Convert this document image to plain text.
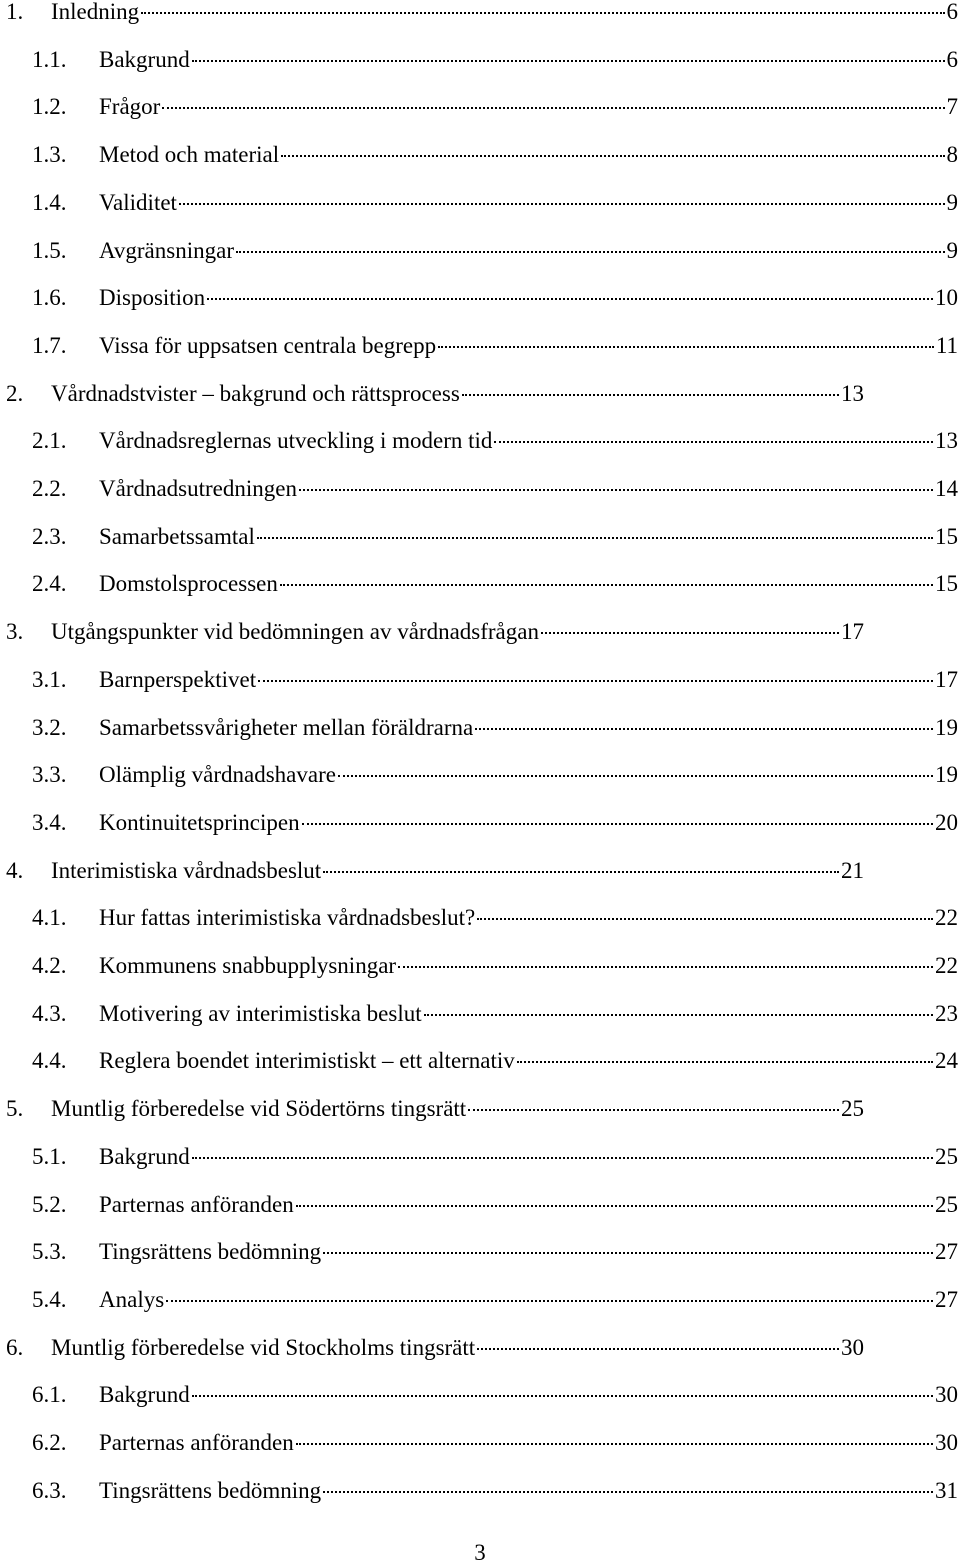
1. Inledning	6
1.1. Bakgrund	6
1.2. Frågor	7
1.3. Metod och material	8
1.4. Validitet	9
1.5. Avgränsningar	9
1.6. Disposition	10
1.7. Vissa för uppsatsen centrala begrepp	11
2. Vårdnadstvister – bakgrund och rättsprocess	13
2.1. Vårdnadsreglernas utveckling i modern tid	13
2.2. Vårdnadsutredningen	14
2.3. Samarbetssamtal	15
2.4. Domstolsprocessen	15
3. Utgångspunkter vid bedömningen av vårdnadsfrågan	17
3.1. Barnperspektivet	17
3.2. Samarbetssvårigheter mellan föräldrarna	19
3.3. Olämplig vårdnadshavare	19
3.4. Kontinuitetsprincipen	20
4. Interimistiska vårdnadsbeslut	21
4.1. Hur fattas interimistiska vårdnadsbeslut?	22
4.2. Kommunens snabbupplysningar	22
4.3. Motivering av interimistiska beslut	23
4.4. Reglera boendet interimistiskt – ett alternativ	24
5. Muntlig förberedelse vid Södertörns tingsrätt	25
5.1. Bakgrund	25
5.2. Parternas anföranden	25
5.3. Tingsrättens bedömning	27
5.4. Analys	27
6. Muntlig förberedelse vid Stockholms tingsrätt	30
6.1. Bakgrund	30
6.2. Parternas anföranden	30
6.3. Tingsrättens bedömning	31
3
